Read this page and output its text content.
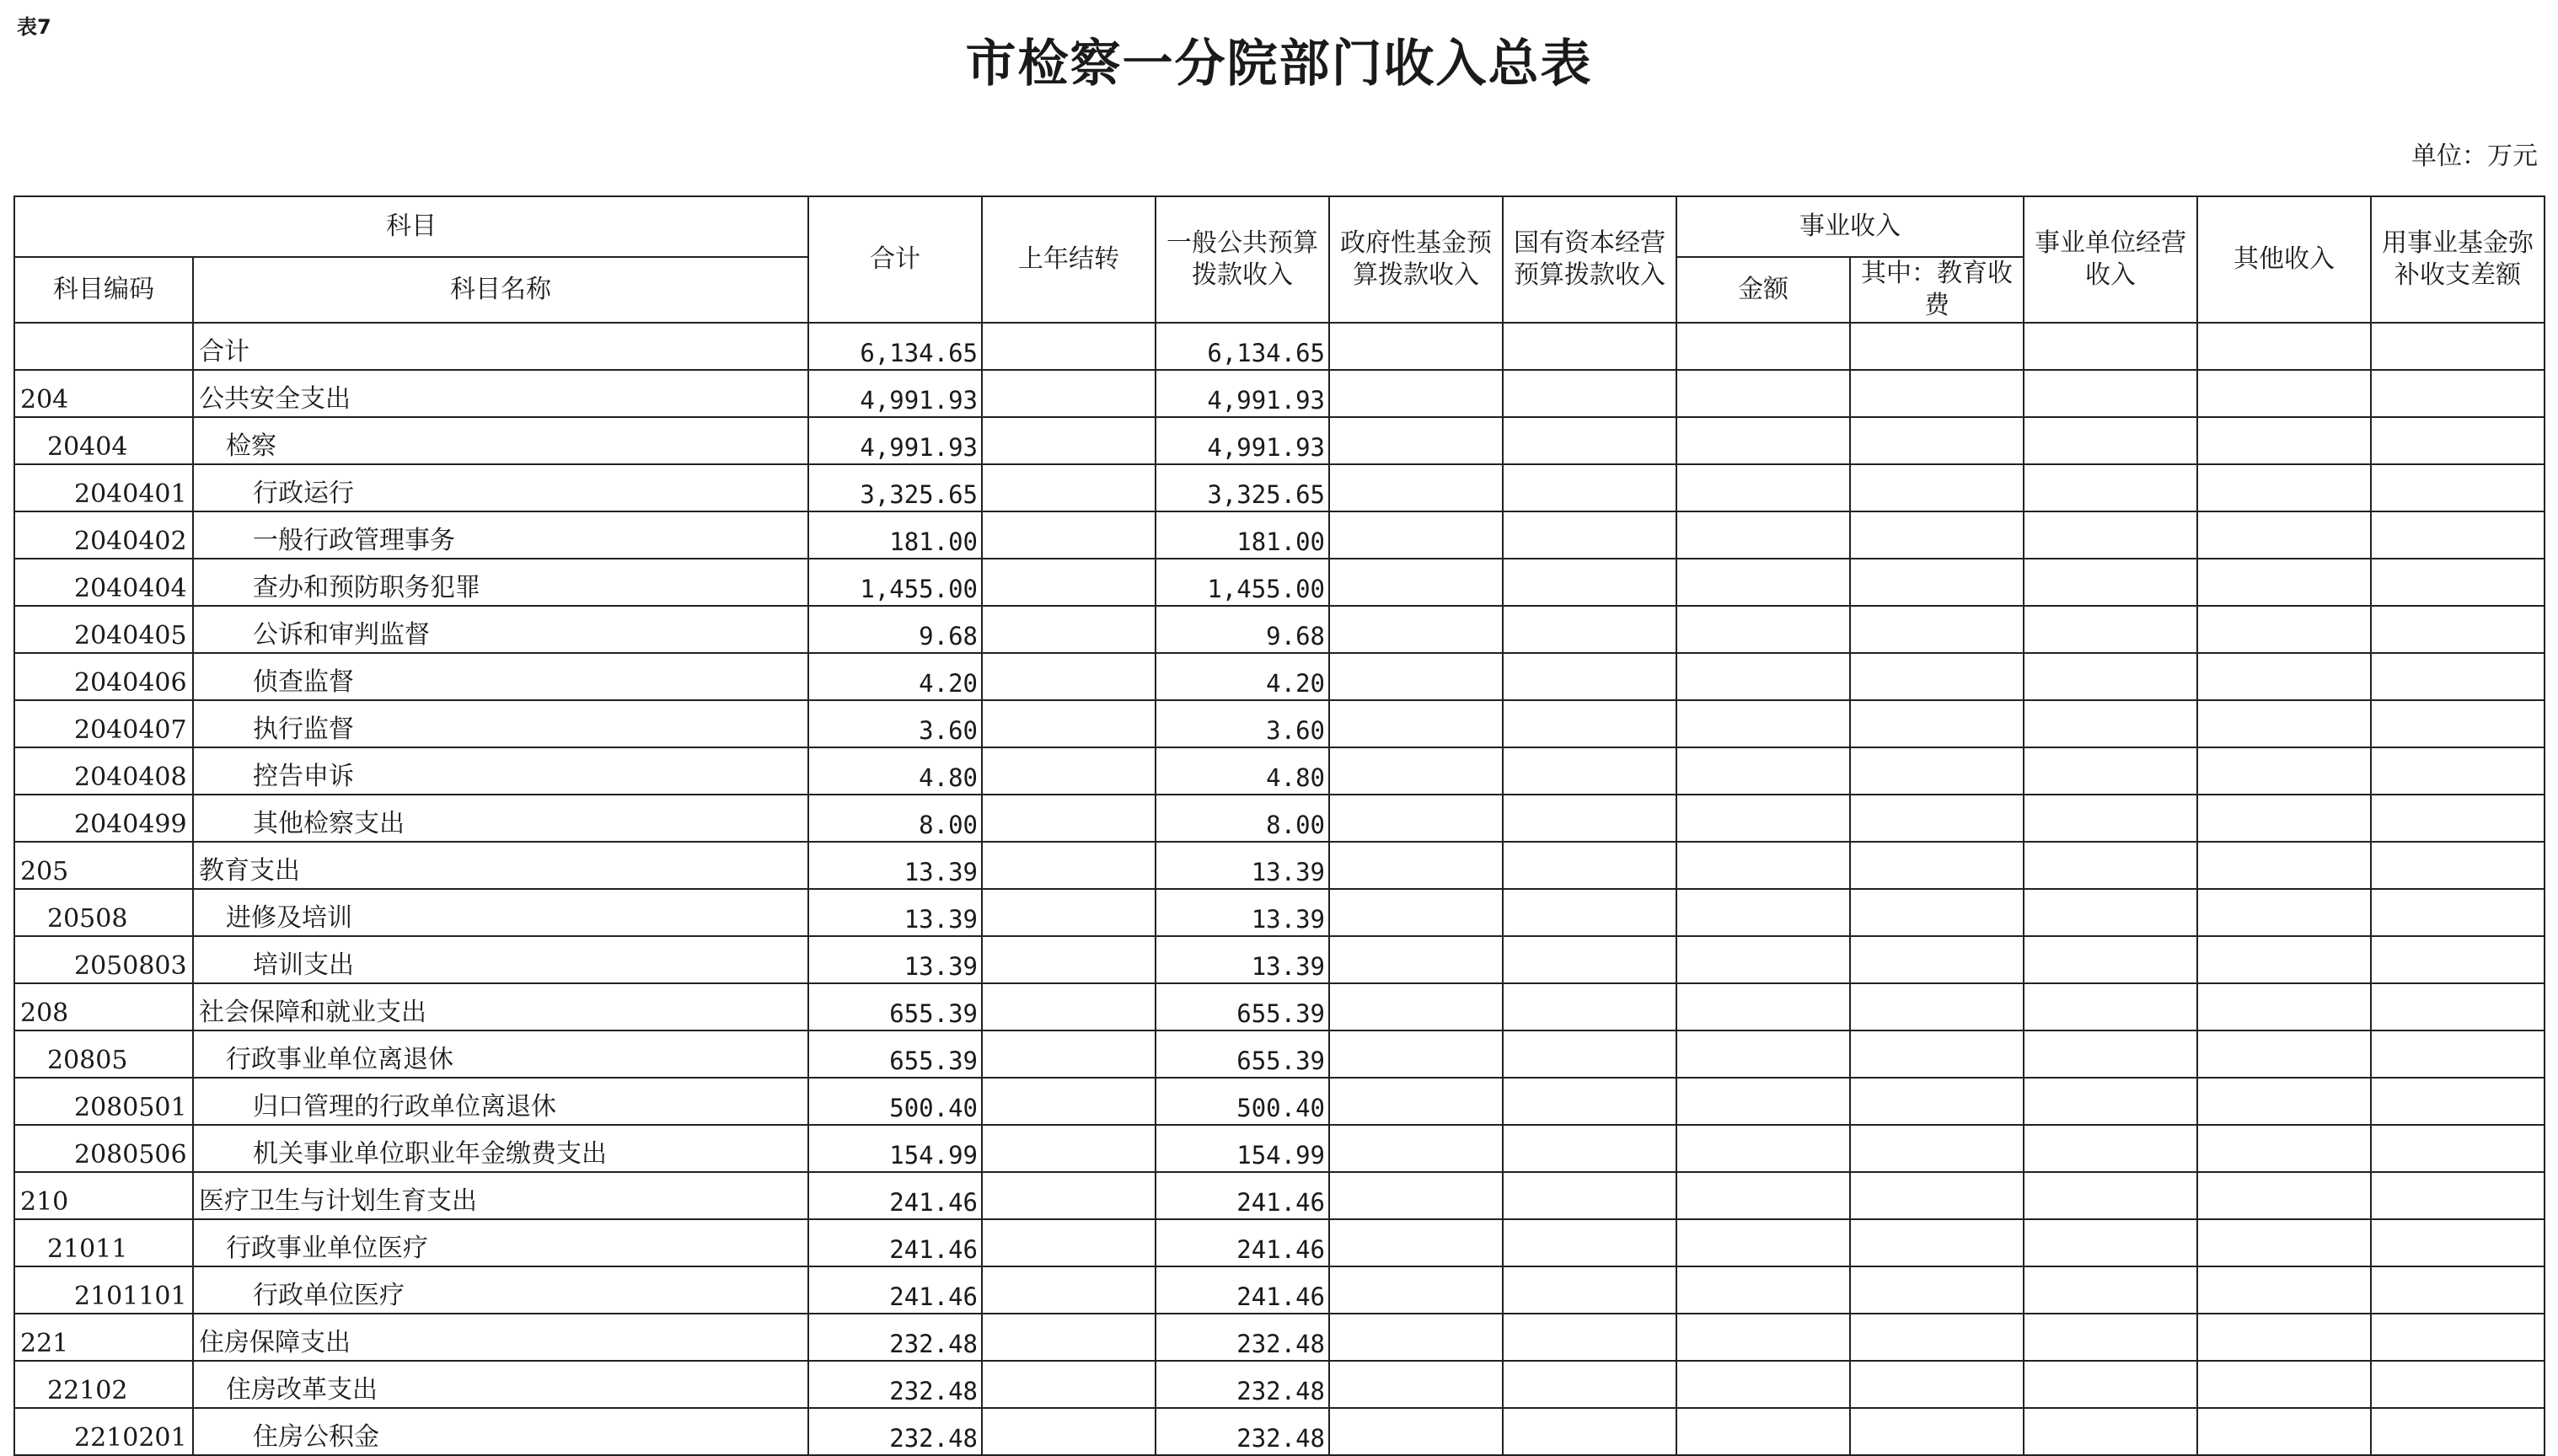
表7
市检察一分院部门收入总表
单位：万元
科目		合计	上年结转	一般公共预算拨款收入	政府性基金预算拨款收入	国有资本经营预算拨款收入	事业收入		事业单位经营收入	其他收入	用事业基金弥补收支差额
科目编码	科目名称						金额	其中：教育收费			
	合计	6,134.65		6,134.65							
204	公共安全支出	4,991.93		4,991.93							
20404	检察	4,991.93		4,991.93							
2040401	行政运行	3,325.65		3,325.65							
2040402	一般行政管理事务	181.00		181.00							
2040404	查办和预防职务犯罪	1,455.00		1,455.00							
2040405	公诉和审判监督	9.68		9.68							
2040406	侦查监督	4.20		4.20							
2040407	执行监督	3.60		3.60							
2040408	控告申诉	4.80		4.80							
2040499	其他检察支出	8.00		8.00							
205	教育支出	13.39		13.39							
20508	进修及培训	13.39		13.39							
2050803	培训支出	13.39		13.39							
208	社会保障和就业支出	655.39		655.39							
20805	行政事业单位离退休	655.39		655.39							
2080501	归口管理的行政单位离退休	500.40		500.40							
2080506	机关事业单位职业年金缴费支出	154.99		154.99							
210	医疗卫生与计划生育支出	241.46		241.46							
21011	行政事业单位医疗	241.46		241.46							
2101101	行政单位医疗	241.46		241.46							
221	住房保障支出	232.48		232.48							
22102	住房改革支出	232.48		232.48							
2210201	住房公积金	232.48		232.48							
